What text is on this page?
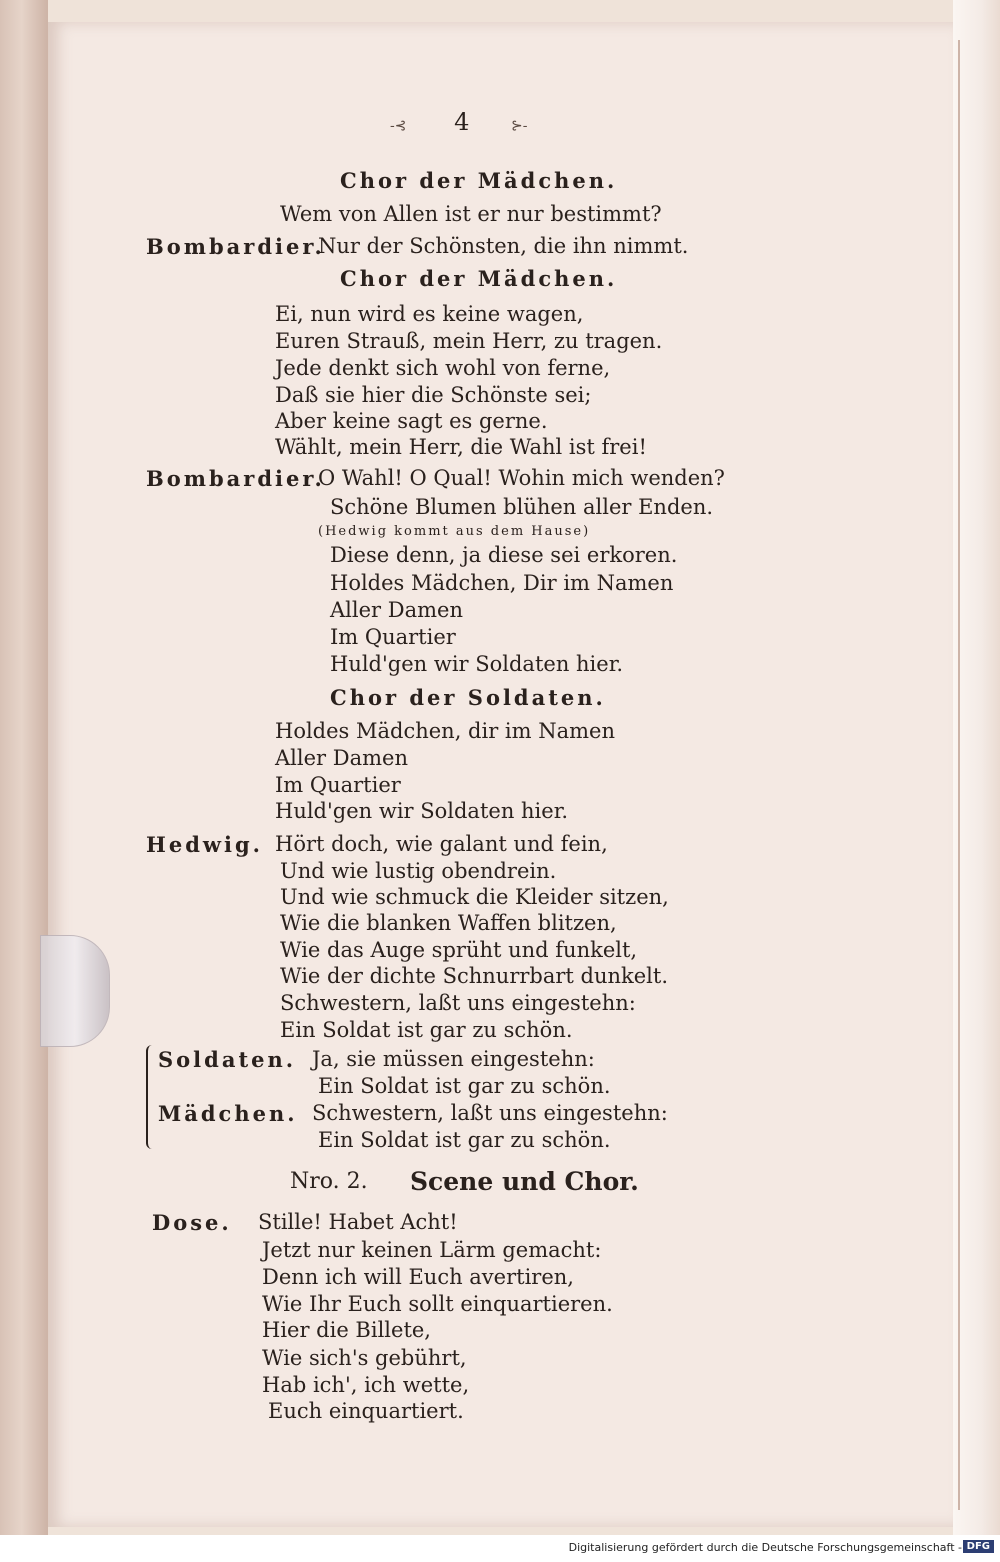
-⊰ 4	⊱-
Chor der Mädchen.
Wem von Allen ist er nur bestimmt?
Bombardier.
Nur der Schönsten, die ihn nimmt.
Chor der Mädchen.
Ei, nun wird es keine wagen,
Euren Strauß, mein Herr, zu tragen.
Jede denkt sich wohl von ferne,
Daß sie hier die Schönste sei;
Aber keine sagt es gerne.
Wählt, mein Herr, die Wahl ist frei!
Bombardier.
O Wahl! O Qual! Wohin mich wenden?
Schöne Blumen blühen aller Enden.
(Hedwig kommt aus dem Hause)
Diese denn, ja diese sei erkoren.
Holdes Mädchen, Dir im Namen
Aller Damen
Im Quartier
Huld'gen wir Soldaten hier.
Chor der Soldaten.
Holdes Mädchen, dir im Namen
Aller Damen
Im Quartier
Huld'gen wir Soldaten hier.
Hedwig. Hört doch, wie galant und fein,
Und wie lustig obendrein.
Und wie schmuck die Kleider sitzen,
Wie die blanken Waffen blitzen,
Wie das Auge sprüht und funkelt,
Wie der dichte Schnurrbart dunkelt.
Schwestern, laßt uns eingestehn:
Ein Soldat ist gar zu schön.
Soldaten. Ja, sie müssen eingestehn:
Ein Soldat ist gar zu schön.
Mädchen. Schwestern, laßt uns eingestehn:
Ein Soldat ist gar zu schön.
Nro. 2. Scene und Chor.
Dose. Stille! Habet Acht!
Jetzt nur keinen Lärm gemacht:
Denn ich will Euch avertiren,
Wie Ihr Euch sollt einquartieren.
Hier die Billete,
Wie sich's gebührt,
Hab ich', ich wette,
Euch einquartiert.
Digitalisierung gefördert durch die Deutsche Forschungsgemeinschaft - DFG
